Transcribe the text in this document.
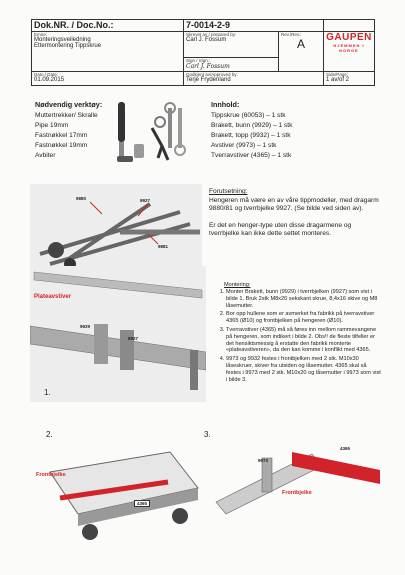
Dok.NR. / Doc.No.:	7-0014-2-9		

Emne:
Monteringsveiledning
Ettermontering Tippskrue	Skrevet av / prepared by:
Carl J. Fossum	Rev./Rev.:
A	GAUPEN
HJEMMEN I NORGE

	Sign / Sign.:
Carl J. Fossum		

Dato / Date:
01.09.2015	Godkjent av/Approved by:
Terje Frydenland		Side/Page:
1 av/of 2
Nødvendig verktøy:
Muttertrekker/ Skralle
Pipe 19mm
Fastnøkkel 17mm
Fastnøkkel 19mm
Avbiter
Innhold:
Tippskrue (60053) – 1 stk
Brakett, bunn (9929) – 1 stk
Brakett, topp (9932) – 1 stk
Avstiver (9973) – 1 stk
Tverravstiver (4365) – 1 stk
9880	9927
9881
Forutsetning:
Hengeren må være en av våre tippmodeller, med dragarm 9880/81 og tverrbjelke 9927. (Se bilde ved siden av).
Er det en henger-type uten disse dragarmene og tverrbjelke kan ikke dette settet monteres.
Plateavstiver
9929
9927
1.
Montering:
1. Monter Brakett, bunn (9929) i tverrbjelken (9927) som vist i bilde 1. Bruk 2stk M8x20 sekskant skrue, 8,4x16 skive og M8 låsemutter.
2. Bor opp hullene som er avmerket fra fabrikk på tverravstiver 4365 (Ø10) og frontbjelken på hengeren (Ø10).
3. Tverravstiver (4365) må så føres inn mellom rammevangene på hengeren, som indikert i bilde 2. Obs!! de fleste tilfeller er det hensiktsmessig å erstatte den fabrikk monterte «plateavstiveren», da den kan komme i konflikt med 4365.
4. 9973 og 9932 festes i frontbjelken med 2 stk. M10x30 låseskruer, skiver fra utsiden og låsemutter. 4365 skal så festes i 9973 med 2 stk. M10x20 og låsemutter i 9973 som vist i bilde 3.
2.
Frontbjelke
4365
3.
9973
4365
Frontbjelke
